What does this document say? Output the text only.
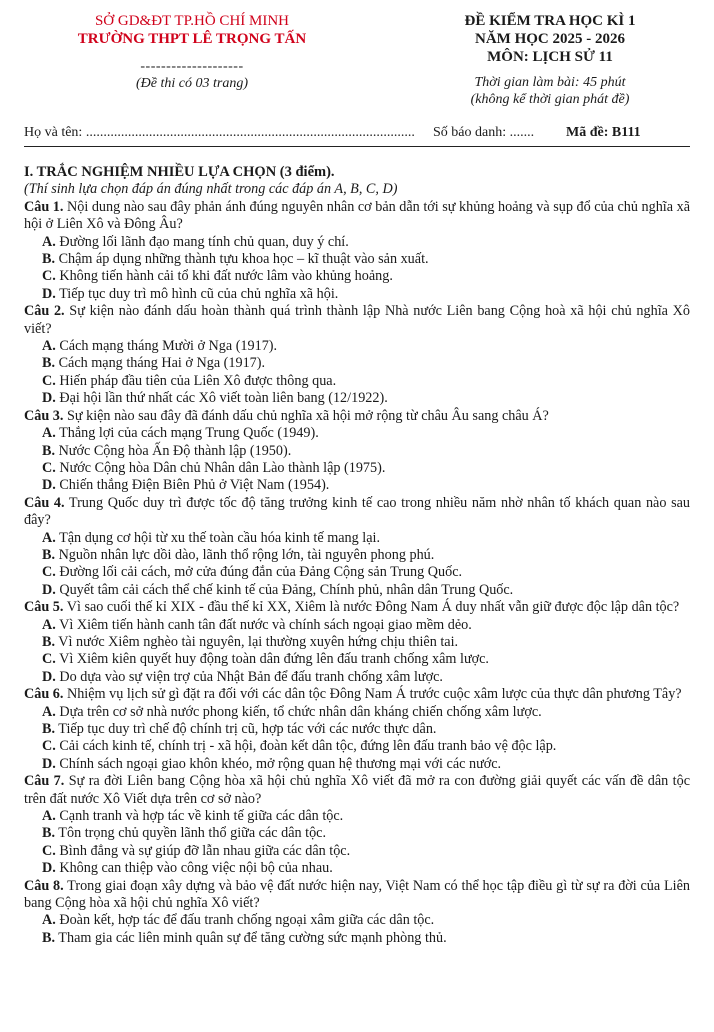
SỞ GD&ĐT TP.HỒ CHÍ MINH
TRƯỜNG THPT LÊ TRỌNG TẤN
--------------------
(Đề thi có 03 trang)
ĐỀ KIỂM TRA HỌC KÌ 1
NĂM HỌC 2025 - 2026
MÔN: LỊCH SỬ 11
Thời gian làm bài: 45 phút
(không kể thời gian phát đề)
Họ và tên: .............................................................................................. Số báo danh: ....... Mã đề: B111
I. TRẮC NGHIỆM NHIỀU LỰA CHỌN (3 điểm).
(Thí sinh lựa chọn đáp án đúng nhất trong các đáp án A, B, C, D)
Câu 1. Nội dung nào sau đây phản ánh đúng nguyên nhân cơ bản dẫn tới sự khủng hoảng và sụp đổ của chủ nghĩa xã hội ở Liên Xô và Đông Âu?
A. Đường lối lãnh đạo mang tính chủ quan, duy ý chí.
B. Chậm áp dụng những thành tựu khoa học – kĩ thuật vào sản xuất.
C. Không tiến hành cải tổ khi đất nước lâm vào khủng hoảng.
D. Tiếp tục duy trì mô hình cũ của chủ nghĩa xã hội.
Câu 2. Sự kiện nào đánh dấu hoàn thành quá trình thành lập Nhà nước Liên bang Cộng hoà xã hội chủ nghĩa Xô viết?
A. Cách mạng tháng Mười ở Nga (1917).
B. Cách mạng tháng Hai ở Nga (1917).
C. Hiến pháp đầu tiên của Liên Xô được thông qua.
D. Đại hội lần thứ nhất các Xô viết toàn liên bang (12/1922).
Câu 3. Sự kiện nào sau đây đã đánh dấu chủ nghĩa xã hội mở rộng từ châu Âu sang châu Á?
A. Thắng lợi của cách mạng Trung Quốc (1949).
B. Nước Cộng hòa Ấn Độ thành lập (1950).
C. Nước Cộng hòa Dân chủ Nhân dân Lào thành lập (1975).
D. Chiến thắng Điện Biên Phủ ở Việt Nam (1954).
Câu 4. Trung Quốc duy trì được tốc độ tăng trưởng kinh tế cao trong nhiều năm nhờ nhân tố khách quan nào sau đây?
A. Tận dụng cơ hội từ xu thế toàn cầu hóa kinh tế mang lại.
B. Nguồn nhân lực dồi dào, lãnh thổ rộng lớn, tài nguyên phong phú.
C. Đường lối cải cách, mở cửa đúng đắn của Đảng Cộng sản Trung Quốc.
D. Quyết tâm cải cách thể chế kinh tế của Đảng, Chính phủ, nhân dân Trung Quốc.
Câu 5. Vì sao cuối thế kỉ XIX - đầu thế kỉ XX, Xiêm là nước Đông Nam Á duy nhất vẫn giữ được độc lập dân tộc?
A. Vì Xiêm tiến hành canh tân đất nước và chính sách ngoại giao mềm dẻo.
B. Vì nước Xiêm nghèo tài nguyên, lại thường xuyên hứng chịu thiên tai.
C. Vì Xiêm kiên quyết huy động toàn dân đứng lên đấu tranh chống xâm lược.
D. Do dựa vào sự viện trợ của Nhật Bản để đấu tranh chống xâm lược.
Câu 6. Nhiệm vụ lịch sử gì đặt ra đối với các dân tộc Đông Nam Á trước cuộc xâm lược của thực dân phương Tây?
A. Dựa trên cơ sở nhà nước phong kiến, tổ chức nhân dân kháng chiến chống xâm lược.
B. Tiếp tục duy trì chế độ chính trị cũ, hợp tác với các nước thực dân.
C. Cải cách kinh tế, chính trị - xã hội, đoàn kết dân tộc, đứng lên đấu tranh bảo vệ độc lập.
D. Chính sách ngoại giao khôn khéo, mở rộng quan hệ thương mại với các nước.
Câu 7. Sự ra đời Liên bang Cộng hòa xã hội chủ nghĩa Xô viết đã mở ra con đường giải quyết các vấn đề dân tộc trên đất nước Xô Viết dựa trên cơ sở nào?
A. Cạnh tranh và hợp tác về kinh tế giữa các dân tộc.
B. Tôn trọng chủ quyền lãnh thổ giữa các dân tộc.
C. Bình đẳng và sự giúp đỡ lẫn nhau giữa các dân tộc.
D. Không can thiệp vào công việc nội bộ của nhau.
Câu 8. Trong giai đoạn xây dựng và bảo vệ đất nước hiện nay, Việt Nam có thể học tập điều gì từ sự ra đời của Liên bang Cộng hòa xã hội chủ nghĩa Xô viết?
A. Đoàn kết, hợp tác để đấu tranh chống ngoại xâm giữa các dân tộc.
B. Tham gia các liên minh quân sự để tăng cường sức mạnh phòng thủ.
